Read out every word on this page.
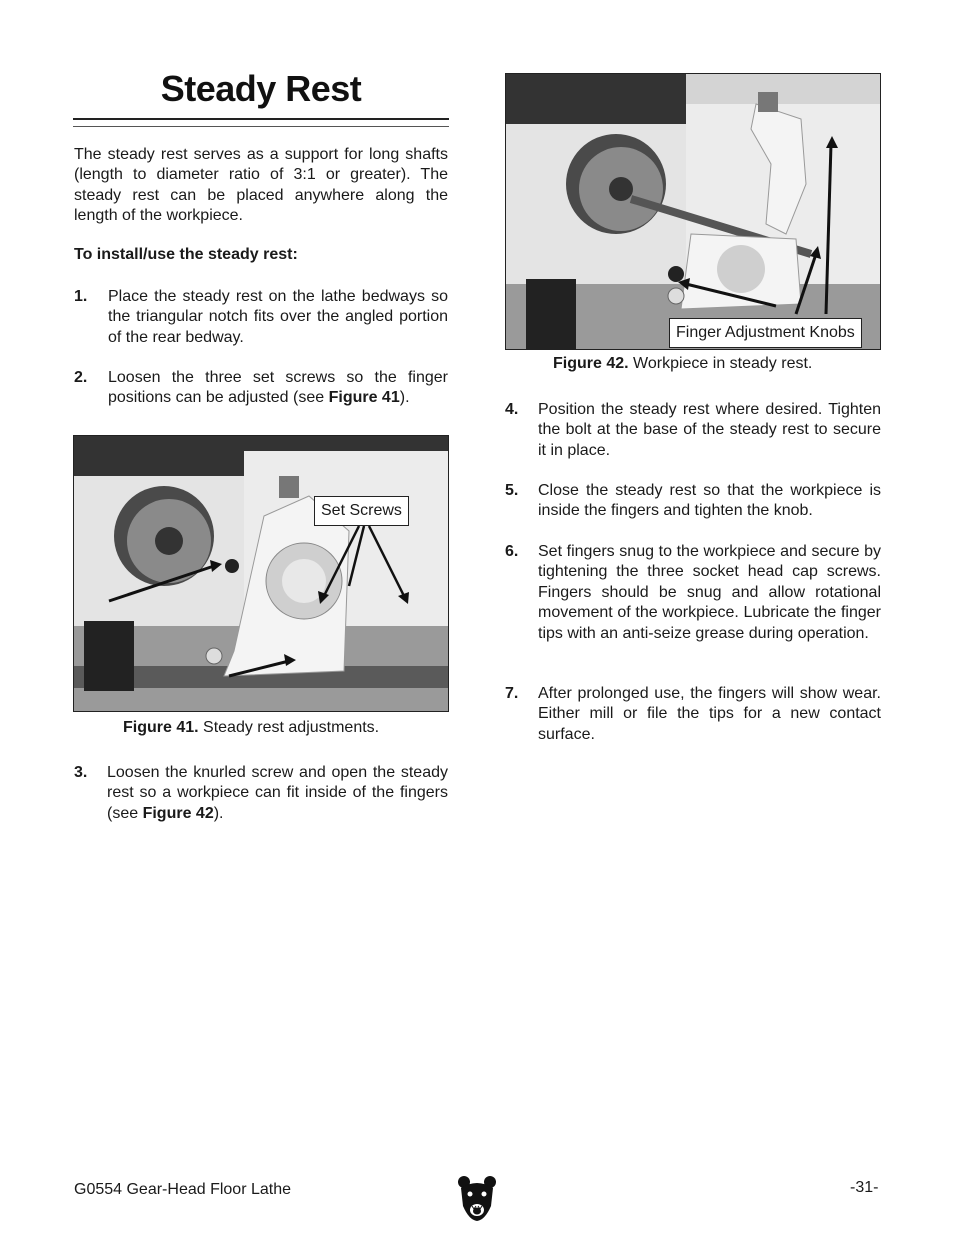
Steady Rest
The steady rest serves as a support for long shafts (length to diameter ratio of 3:1 or greater). The steady rest can be placed anywhere along the length of the workpiece.
To install/use the steady rest:
1. Place the steady rest on the lathe bedways so the triangular notch fits over the angled portion of the rear bedway.
2. Loosen the three set screws so the finger positions can be adjusted (see Figure 41).
Set Screws
Figure 41. Steady rest adjustments.
3. Loosen the knurled screw and open the steady rest so a workpiece can fit inside of the fingers (see Figure 42).
Finger Adjustment Knobs
Figure 42. Workpiece in steady rest.
4. Position the steady rest where desired. Tighten the bolt at the base of the steady rest to secure it in place.
5. Close the steady rest so that the workpiece is inside the fingers and tighten the knob.
6. Set fingers snug to the workpiece and secure by tightening the three socket head cap screws. Fingers should be snug and allow rotational movement of the workpiece. Lubricate the finger tips with an anti-seize grease during operation.
7. After prolonged use, the fingers will show wear. Either mill or file the tips for a new contact surface.
G0554 Gear-Head Floor Lathe	-31-
